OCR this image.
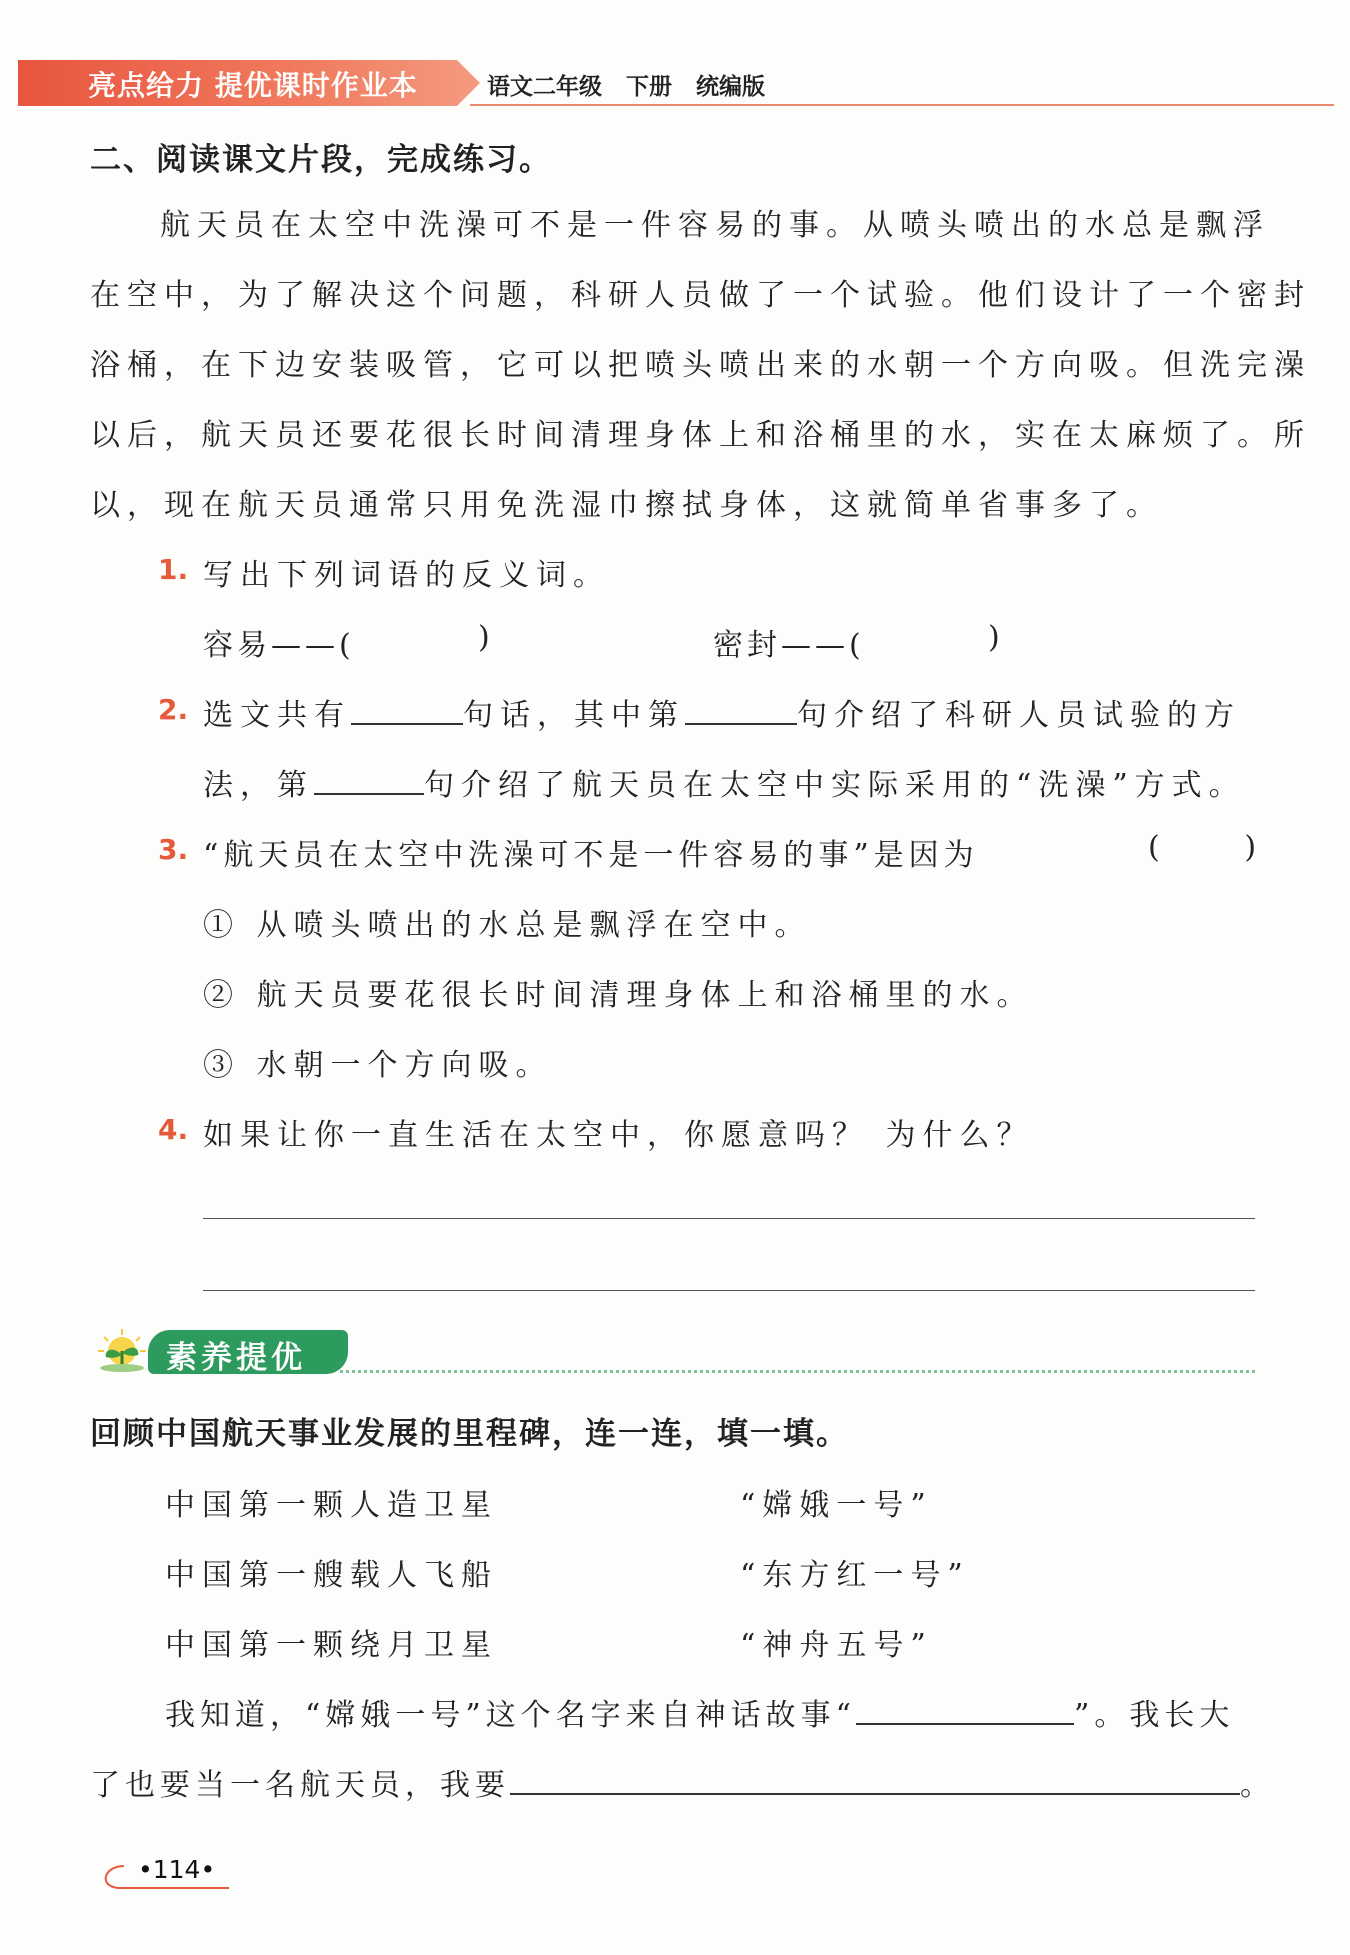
亮点给力 提优课时作业本	语文二年级   下册   统编版
二、阅读课文片段，完成练习。
航天员在太空中洗澡可不是一件容易的事。从喷头喷出的水总是飘浮
在空中，为了解决这个问题，科研人员做了一个试验。他们设计了一个密封
浴桶，在下边安装吸管，它可以把喷头喷出来的水朝一个方向吸。但洗完澡
以后，航天员还要花很长时间清理身体上和浴桶里的水，实在太麻烦了。所
以，现在航天员通常只用免洗湿巾擦拭身体，这就简单省事多了。
1. 写出下列词语的反义词。
容易——(	)	密封——(	)
2. 选文共有	句话，其中第	句介绍了科研人员试验的方
法，第	句介绍了航天员在太空中实际采用的“洗澡”方式。
3. “航天员在太空中洗澡可不是一件容易的事”是因为	(   )
① 从喷头喷出的水总是飘浮在空中。
② 航天员要花很长时间清理身体上和浴桶里的水。
③ 水朝一个方向吸。
4. 如果让你一直生活在太空中，你愿意吗？ 为什么？
素养提优
回顾中国航天事业发展的里程碑，连一连，填一填。
中国第一颗人造卫星
中国第一艘载人飞船
中国第一颗绕月卫星
“嫦娥一号”
“东方红一号”
“神舟五号”
我知道，“嫦娥一号”这个名字来自神话故事“	”。我长大
了也要当一名航天员，我要	。
•114•
